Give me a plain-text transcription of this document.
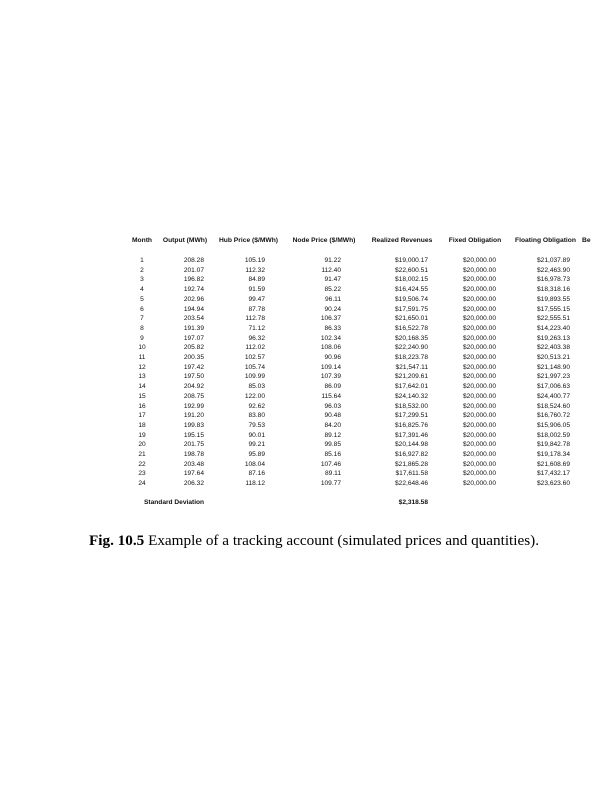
Month	Output (MWh)	Hub Price ($/MWh)	Node Price ($/MWh)	Realized Revenues	Fixed Obligation	Floating Obligation	Be
1	208.28	105.19	91.22	$19,000.17	$20,000.00	$21,037.89	
2	201.07	112.32	112.40	$22,600.51	$20,000.00	$22,463.90	
3	196.82	84.89	91.47	$18,002.15	$20,000.00	$16,978.73	
4	192.74	91.59	85.22	$16,424.55	$20,000.00	$18,318.16	
5	202.96	99.47	96.11	$19,506.74	$20,000.00	$19,893.55	
6	194.94	87.78	90.24	$17,591.75	$20,000.00	$17,555.15	
7	203.54	112.78	106.37	$21,650.01	$20,000.00	$22,555.51	
8	191.39	71.12	86.33	$16,522.78	$20,000.00	$14,223.40	
9	197.07	96.32	102.34	$20,168.35	$20,000.00	$19,263.13	
10	205.82	112.02	108.06	$22,240.90	$20,000.00	$22,403.38	
11	200.35	102.57	90.96	$18,223.78	$20,000.00	$20,513.21	
12	197.42	105.74	109.14	$21,547.11	$20,000.00	$21,148.90	
13	197.50	109.99	107.39	$21,209.61	$20,000.00	$21,997.23	
14	204.92	85.03	86.09	$17,642.01	$20,000.00	$17,006.63	
15	208.75	122.00	115.64	$24,140.32	$20,000.00	$24,400.77	
16	192.99	92.62	96.03	$18,532.00	$20,000.00	$18,524.60	
17	191.20	83.80	90.48	$17,299.51	$20,000.00	$16,760.72	
18	199.83	79.53	84.20	$16,825.76	$20,000.00	$15,906.05	
19	195.15	90.01	89.12	$17,391.46	$20,000.00	$18,002.59	
20	201.75	99.21	99.85	$20,144.98	$20,000.00	$19,842.78	
21	198.78	95.89	85.16	$16,927.82	$20,000.00	$19,178.34	
22	203.48	108.04	107.46	$21,865.28	$20,000.00	$21,608.69	
23	197.64	87.16	89.11	$17,611.58	$20,000.00	$17,432.17	
24	206.32	118.12	109.77	$22,648.46	$20,000.00	$23,623.60	
Standard Deviation				$2,318.58			
Fig. 10.5 Example of a tracking account (simulated prices and quantities).
